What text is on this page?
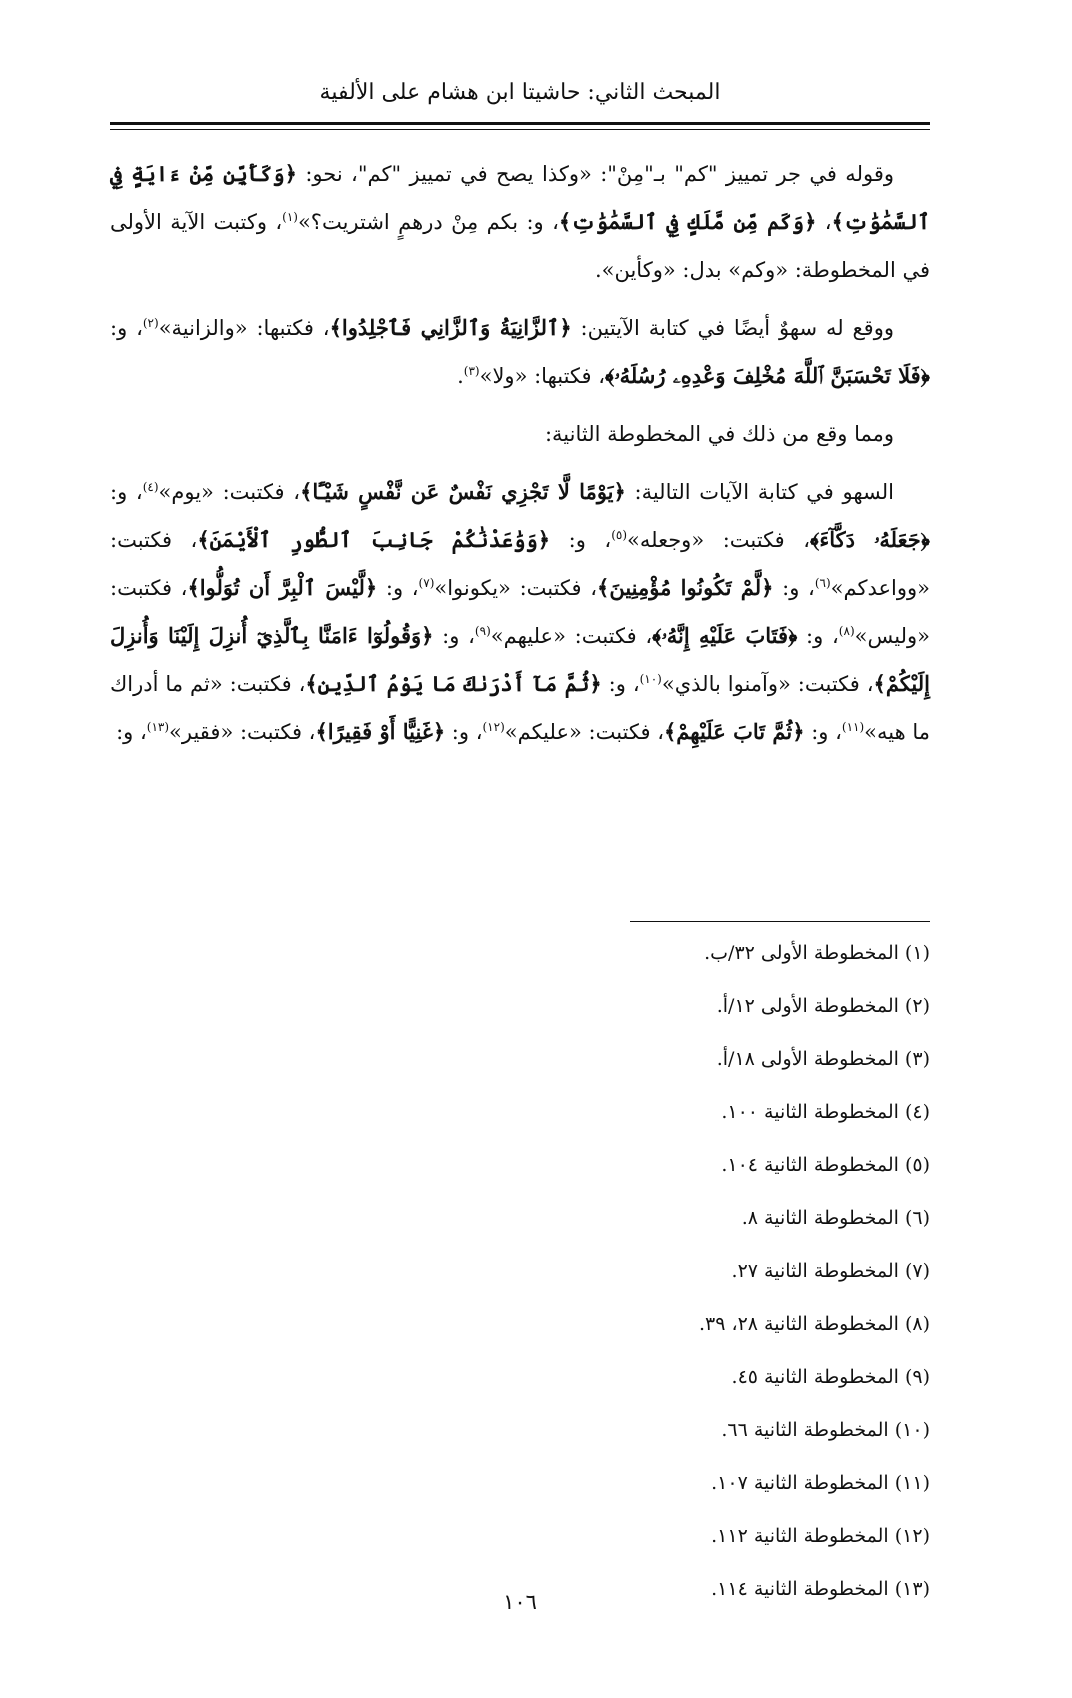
المبحث الثاني: حاشيتا ابن هشام على الألفية

وقوله في جر تمييز "كم" بـ"مِنْ": «وكذا يصح في تمييز "كم"، نحو: ﴿وَكَأَيِّن مِّنْ ءَايَةٍ فِي ٱلسَّمَٰوَٰتِ﴾، ﴿وَكَم مِّن مَّلَكٍ فِي ٱلسَّمَٰوَٰتِ﴾، و: بكم مِنْ درهمٍ اشتريت؟»$^{(١)}$، وكتبت الآية الأولى في المخطوطة: «وكم» بدل: «وكأين».

ووقع له سهوٌ أيضًا في كتابة الآيتين: ﴿ٱلزَّانِيَةُ وَٱلزَّانِي فَٱجْلِدُوا﴾، فكتبها: «والزانية»$^{(٢)}$، و: ﴿فَلَا تَحْسَبَنَّ ٱللَّهَ مُخْلِفَ وَعْدِهِۦ رُسُلَهُۥ﴾، فكتبها: «ولا»$^{(٣)}$.

ومما وقع من ذلك في المخطوطة الثانية:

السهو في كتابة الآيات التالية: ﴿يَوْمًا لَّا تَجْزِي نَفْسٌ عَن نَّفْسٍ شَيْـًٔا﴾، فكتبت: «يوم»$^{(٤)}$، و: ﴿جَعَلَهُۥ دَكَّآءَ﴾، فكتبت: «وجعله»$^{(٥)}$، و: ﴿وَوَٰعَدْنَٰكُمْ جَانِبَ ٱلطُّورِ ٱلْأَيْمَنَ﴾، فكتبت: «وواعدكم»$^{(٦)}$، و: ﴿لَّمْ تَكُونُوا مُؤْمِنِينَ﴾، فكتبت: «يكونوا»$^{(٧)}$، و: ﴿لَّيْسَ ٱلْبِرَّ أَن تُوَلُّوا﴾، فكتبت: «وليس»$^{(٨)}$، و: ﴿فَتَابَ عَلَيْهِ إِنَّهُۥ﴾، فكتبت: «عليهم»$^{(٩)}$، و: ﴿وَقُولُوٓا ءَامَنَّا بِٱلَّذِيٓ أُنزِلَ إِلَيْنَا وَأُنزِلَ إِلَيْكُمْ﴾، فكتبت: «وآمنوا بالذي»$^{(١٠)}$، و: ﴿ثُمَّ مَآ أَدْرَىٰكَ مَا يَوْمُ ٱلدِّينِ﴾، فكتبت: «ثم ما أدراك ما هيه»$^{(١١)}$، و: ﴿ثُمَّ تَابَ عَلَيْهِمْ﴾، فكتبت: «عليكم»$^{(١٢)}$، و: ﴿غَنِيًّا أَوْ فَقِيرًا﴾، فكتبت: «فقير»$^{(١٣)}$، و:

(١) المخطوطة الأولى ٣٢/ب.
(٢) المخطوطة الأولى ١٢/أ.
(٣) المخطوطة الأولى ١٨/أ.
(٤) المخطوطة الثانية ١٠٠.
(٥) المخطوطة الثانية ١٠٤.
(٦) المخطوطة الثانية ٨.
(٧) المخطوطة الثانية ٢٧.
(٨) المخطوطة الثانية ٢٨، ٣٩.
(٩) المخطوطة الثانية ٤٥.
(١٠) المخطوطة الثانية ٦٦.
(١١) المخطوطة الثانية ١٠٧.
(١٢) المخطوطة الثانية ١١٢.
(١٣) المخطوطة الثانية ١١٤.
١٠٦
